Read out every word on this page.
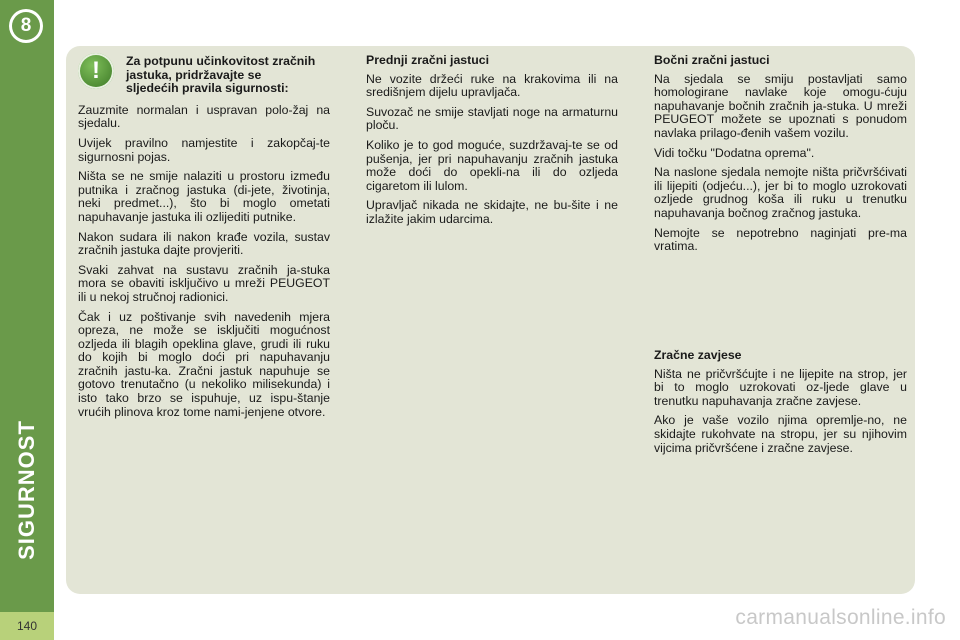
8
SIGURNOST
140
!	Za potpunu učinkovitost zračnih jastuka, pridržavajte se sljedećih pravila sigurnosti:

Zauzmite normalan i uspravan polo-žaj na sjedalu.

Uvijek pravilno namjestite i zakopčaj-te sigurnosni pojas.

Ništa se ne smije nalaziti u prostoru između putnika i zračnog jastuka (di-jete, životinja, neki predmet...), što bi moglo ometati napuhavanje jastuka ili ozlijediti putnike.

Nakon sudara ili nakon krađe vozila, sustav zračnih jastuka dajte provjeriti.

Svaki zahvat na sustavu zračnih ja-stuka mora se obaviti isključivo u mreži PEUGEOT ili u nekoj stručnoj radionici.

Čak i uz poštivanje svih navedenih mjera opreza, ne može se isključiti mogućnost ozljeda ili blagih opeklina glave, grudi ili ruku do kojih bi moglo doći pri napuhavanju zračnih jastu-ka. Zračni jastuk napuhuje se gotovo trenutačno (u nekoliko milisekunda) i isto tako brzo se ispuhuje, uz ispu-štanje vrućih plinova kroz tome nami-jenjene otvore.

Prednji zračni jastuci

Ne vozite držeći ruke na krakovima ili na središnjem dijelu upravljača.

Suvozač ne smije stavljati noge na armaturnu ploču.

Koliko je to god moguće, suzdržavaj-te se od pušenja, jer pri napuhavanju zračnih jastuka može doći do opekli-na ili do ozljeda cigaretom ili lulom.

Upravljač nikada ne skidajte, ne bu-šite i ne izlažite jakim udarcima.

Bočni zračni jastuci

Na sjedala se smiju postavljati samo homologirane navlake koje omogu-ćuju napuhavanje bočnih zračnih ja-stuka. U mreži PEUGEOT možete se upoznati s ponudom navlaka prilago-đenih vašem vozilu.

Vidi točku "Dodatna oprema".

Na naslone sjedala nemojte ništa pričvršćivati ili lijepiti (odjeću...), jer bi to moglo uzrokovati ozljede grudnog koša ili ruku u trenutku napuhavanja bočnog zračnog jastuka.

Nemojte se nepotrebno naginjati pre-ma vratima.

Zračne zavjese

Ništa ne pričvršćujte i ne lijepite na strop, jer bi to moglo uzrokovati oz-ljede glave u trenutku napuhavanja zračne zavjese.

Ako je vaše vozilo njima opremlje-no, ne skidajte rukohvate na stropu, jer su njihovim vijcima pričvršćene i zračne zavjese.

carmanualsonline.info
